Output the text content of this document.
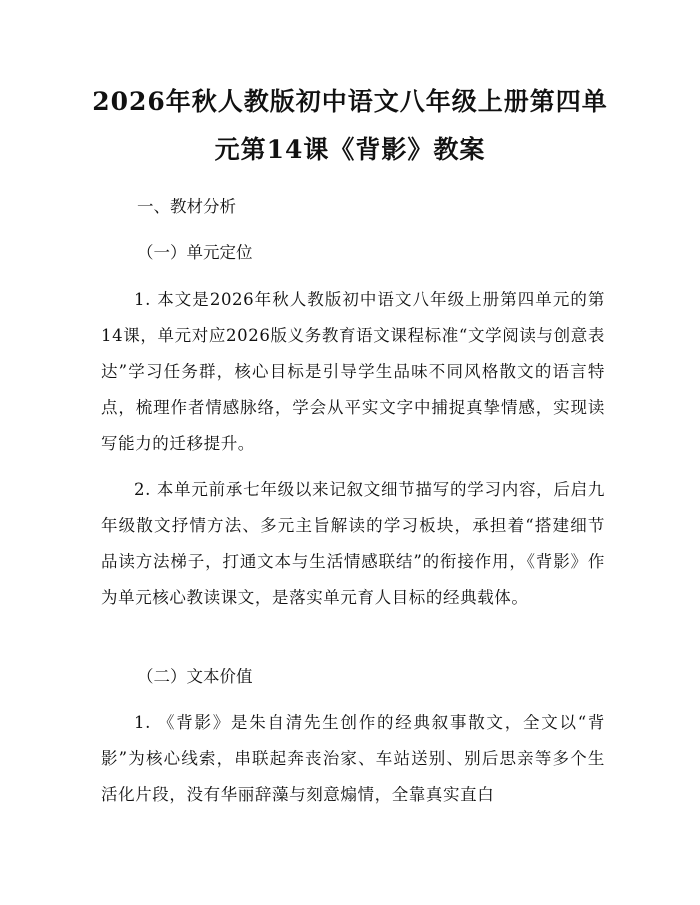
2026年秋人教版初中语文八年级上册第四单元第14课《背影》教案

一、教材分析

（一）单元定位

1. 本文是2026年秋人教版初中语文八年级上册第四单元的第14课，单元对应2026版义务教育语文课程标准“文学阅读与创意表达”学习任务群，核心目标是引导学生品味不同风格散文的语言特点，梳理作者情感脉络，学会从平实文字中捕捉真挚情感，实现读写能力的迁移提升。

2. 本单元前承七年级以来记叙文细节描写的学习内容，后启九年级散文抒情方法、多元主旨解读的学习板块，承担着“搭建细节品读方法梯子，打通文本与生活情感联结”的衔接作用，《背影》作为单元核心教读课文，是落实单元育人目标的经典载体。

（二）文本价值

1. 《背影》是朱自清先生创作的经典叙事散文，全文以“背影”为核心线索，串联起奔丧治家、车站送别、别后思亲等多个生活化片段，没有华丽辞藻与刻意煽情，全靠真实直白
